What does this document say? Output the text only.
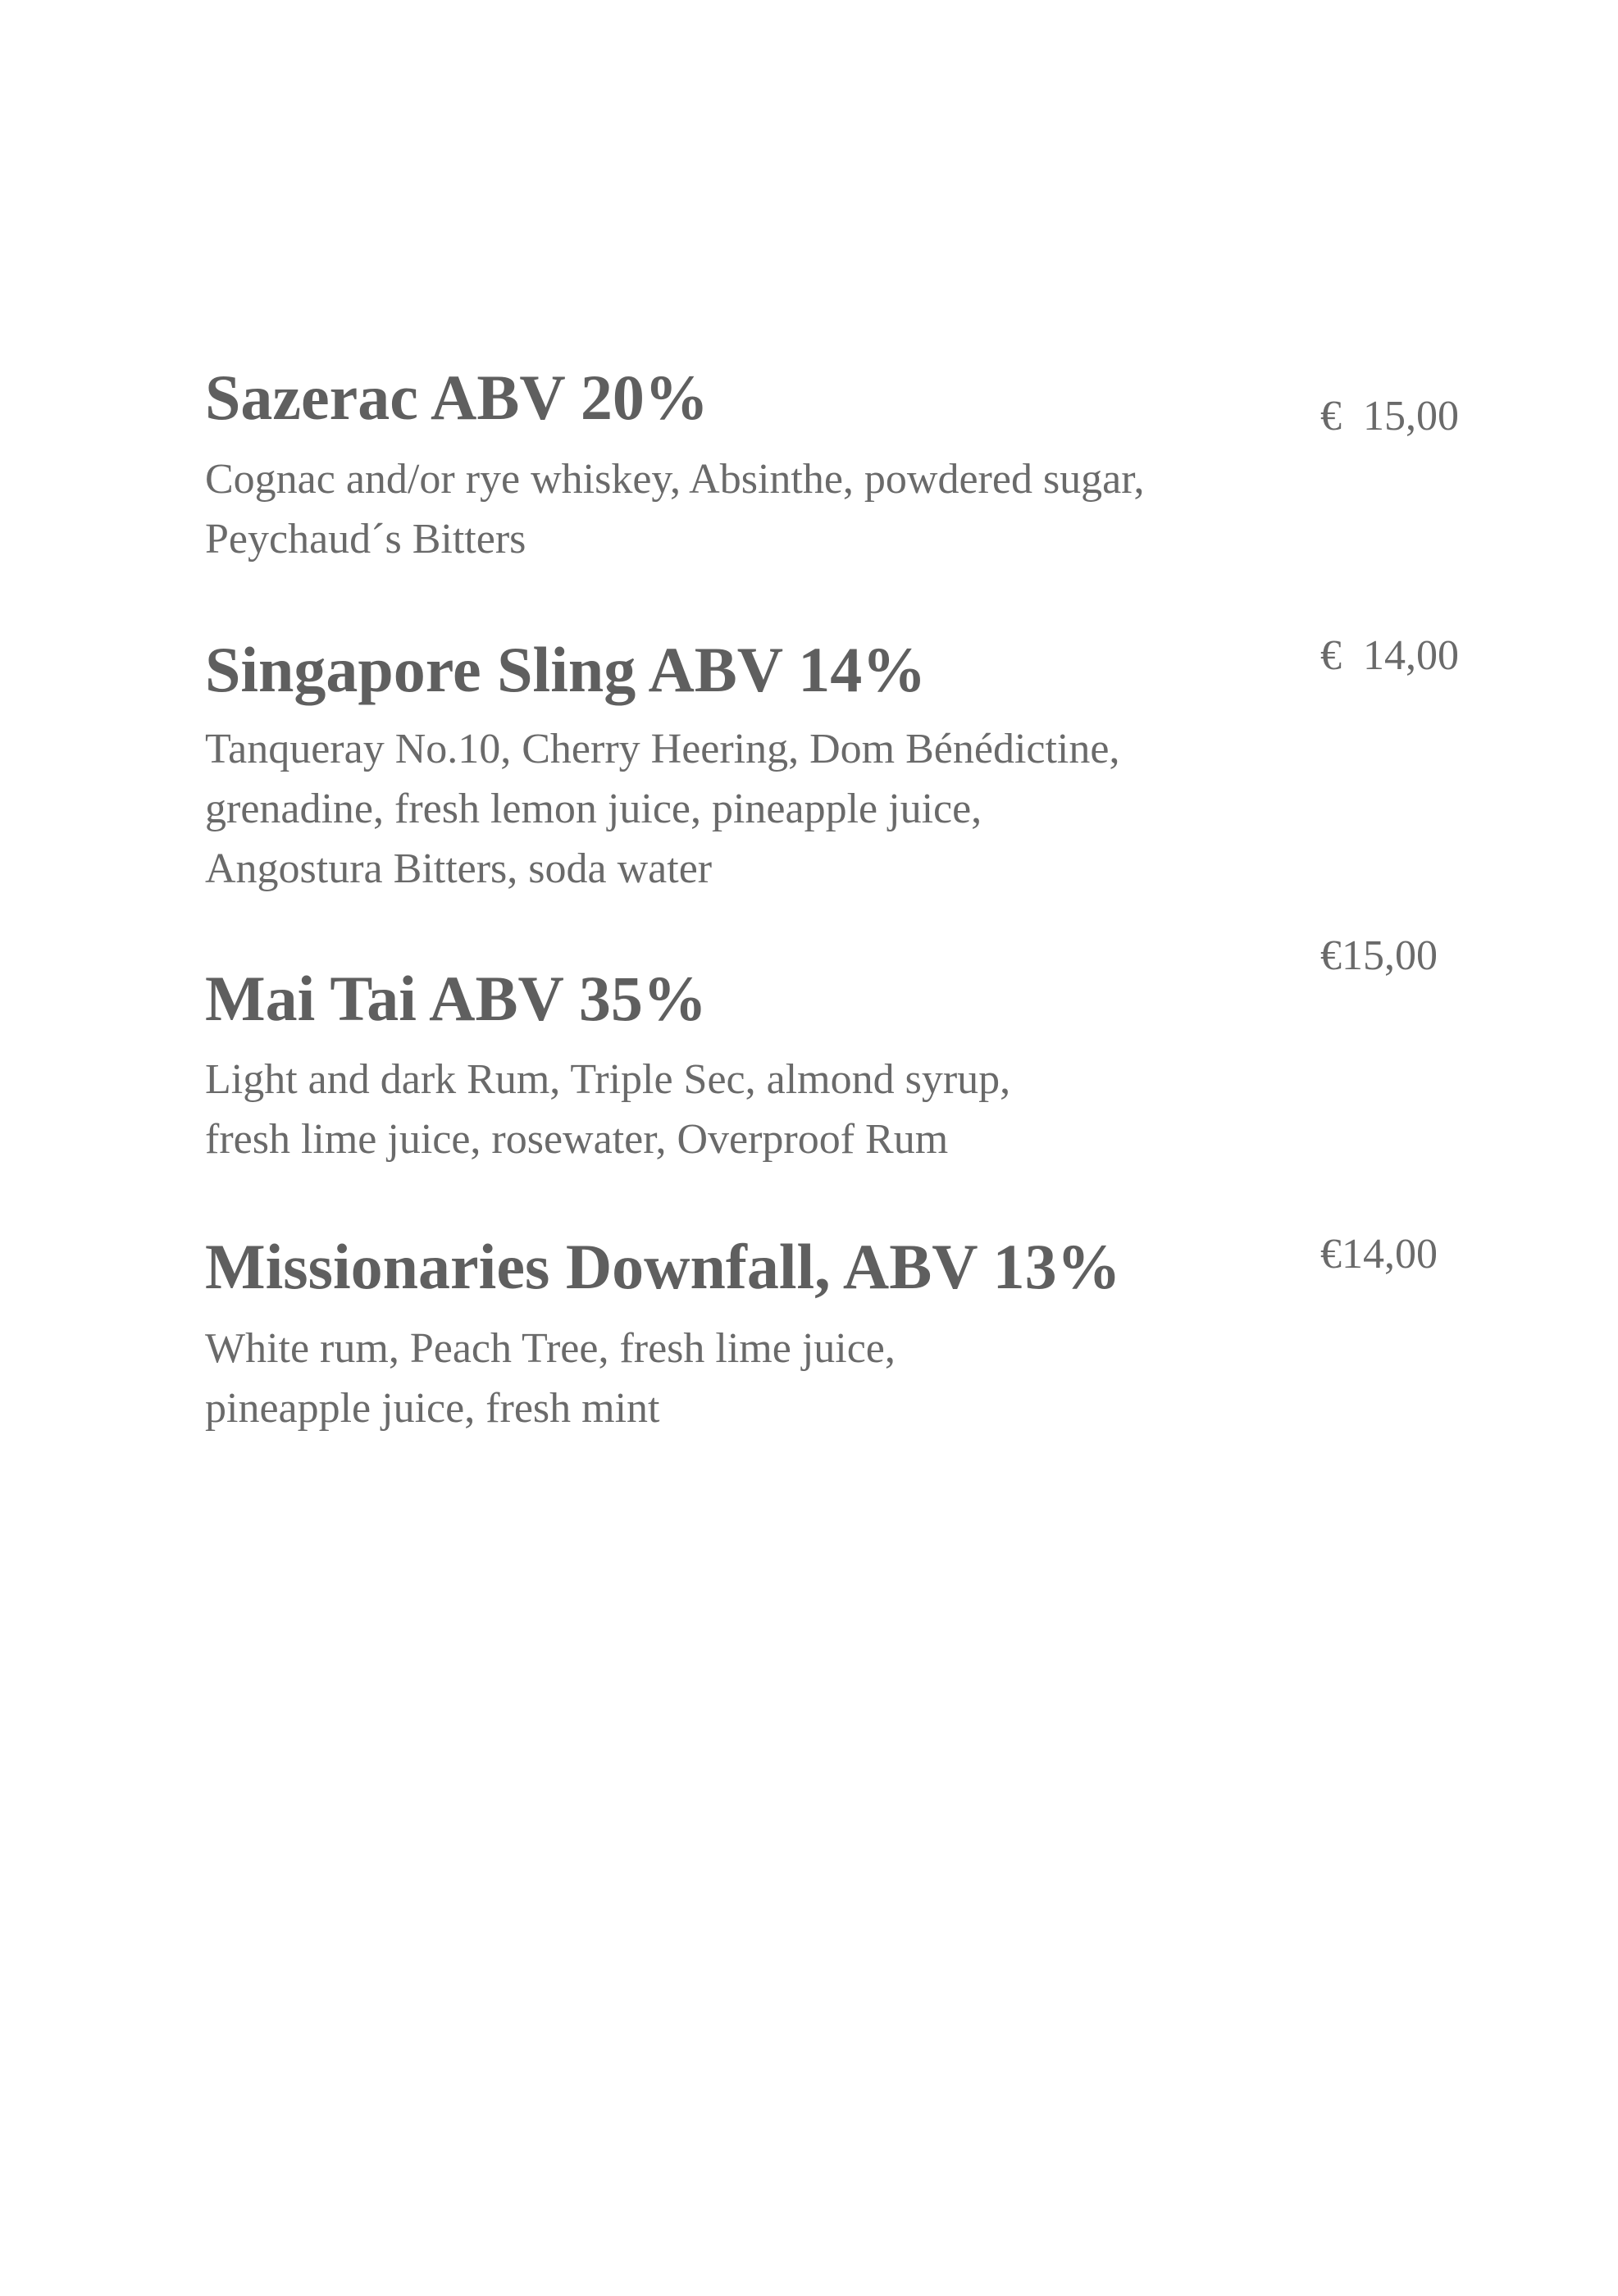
Sazerac ABV 20%

Cognac and/or rye whiskey, Absinthe, powdered sugar,
Peychaud´s Bitters

€  15,00

Singapore Sling ABV 14%

Tanqueray No.10, Cherry Heering, Dom Bénédictine,
grenadine, fresh lemon juice, pineapple juice,
Angostura Bitters, soda water

€  14,00

Mai Tai ABV 35%

Light and dark Rum, Triple Sec, almond syrup,
fresh lime juice, rosewater, Overproof Rum

€15,00

Missionaries Downfall, ABV 13%

White rum, Peach Tree, fresh lime juice,
pineapple juice, fresh mint

€14,00
